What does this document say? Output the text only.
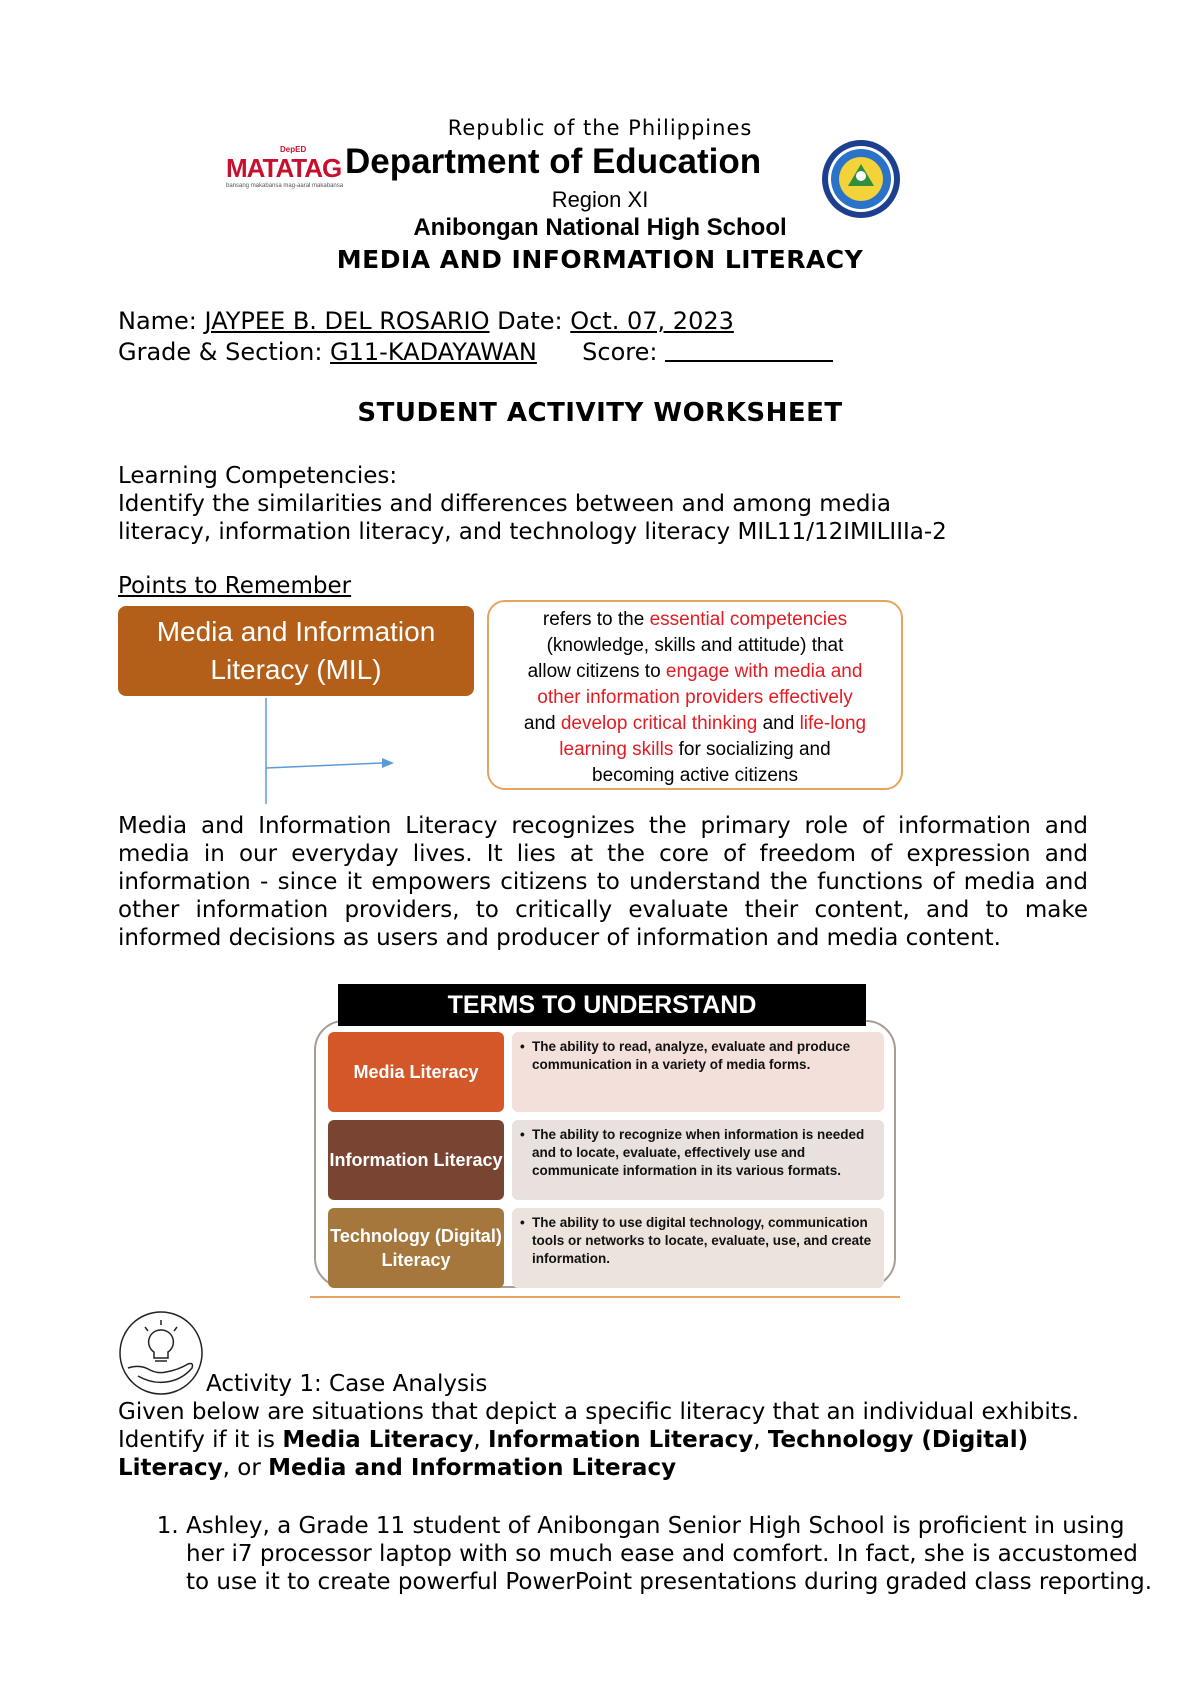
Republic of the Philippines
DepED
MATATAG
bansang makabansa mag-aaral makabansa
Department of Education
Region XI
Anibongan National High School
MEDIA AND INFORMATION LITERACY
Name: JAYPEE B. DEL ROSARIO Date: Oct. 07, 2023
Grade & Section: G11-KADAYAWAN Score:
STUDENT ACTIVITY WORKSHEET
Learning Competencies:
Identify the similarities and differences between and among media
literacy, information literacy, and technology literacy MIL11/12IMILIIIa-2
Points to Remember
Media and Information
Literacy (MIL)
refers to the essential competencies
(knowledge, skills and attitude) that
allow citizens to engage with media and
other information providers effectively
and develop critical thinking and life-long
learning skills for socializing and
becoming active citizens
Media and Information Literacy recognizes the primary role of information and media in our everyday lives. It lies at the core of freedom of expression and information - since it empowers citizens to understand the functions of media and other information providers, to critically evaluate their content, and to make informed decisions as users and producer of information and media content.
TERMS TO UNDERSTAND
Media Literacy
• The ability to read, analyze, evaluate and produce communication in a variety of media forms.
Information Literacy
• The ability to recognize when information is needed and to locate, evaluate, effectively use and communicate information in its various formats.
Technology (Digital) Literacy
• The ability to use digital technology, communication tools or networks to locate, evaluate, use, and create information.
Activity 1: Case Analysis
Given below are situations that depict a specific literacy that an individual exhibits. Identify if it is Media Literacy, Information Literacy, Technology (Digital) Literacy, or Media and Information Literacy
1. Ashley, a Grade 11 student of Anibongan Senior High School is proficient in using her i7 processor laptop with so much ease and comfort. In fact, she is accustomed to use it to create powerful PowerPoint presentations during graded class reporting.
